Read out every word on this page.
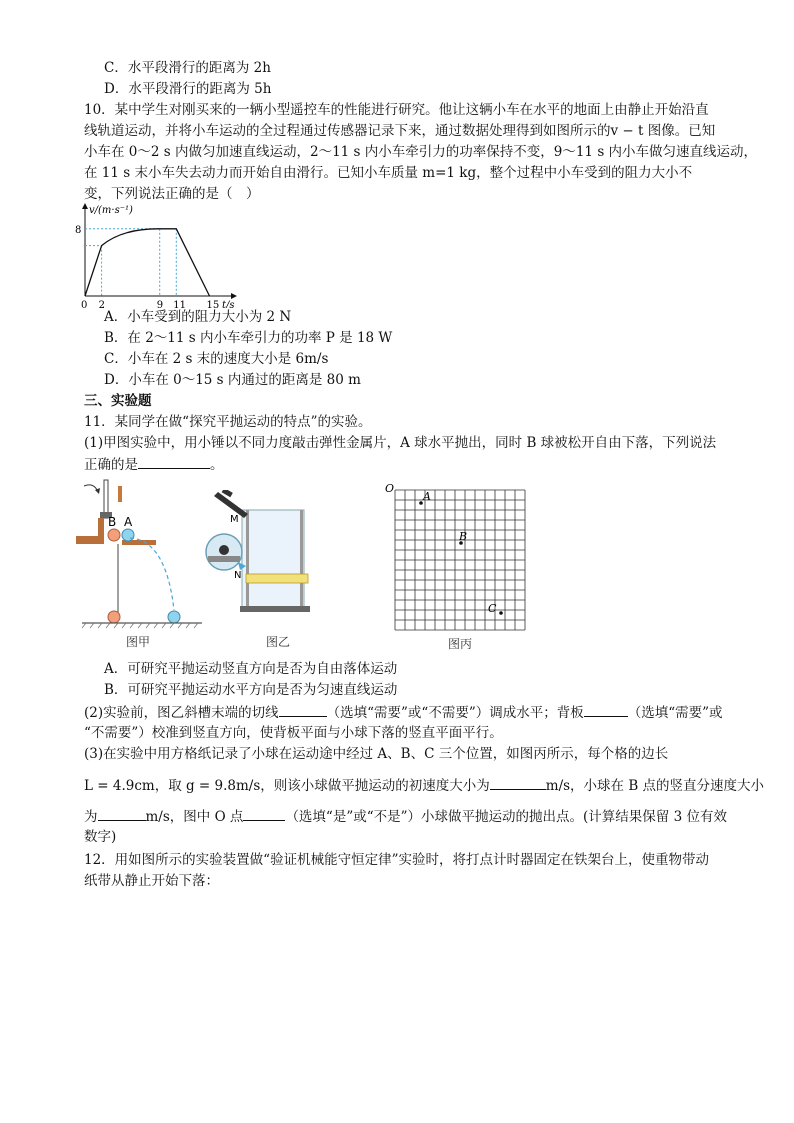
C．水平段滑行的距离为 2h
D．水平段滑行的距离为 5h
10．某中学生对刚买来的一辆小型遥控车的性能进行研究。他让这辆小车在水平的地面上由静止开始沿直
线轨道运动，并将小车运动的全过程通过传感器记录下来，通过数据处理得到如图所示的v − t 图像。已知
小车在 0～2 s 内做匀加速直线运动，2～11 s 内小车牵引力的功率保持不变，9～11 s 内小车做匀速直线运动，
在 11 s 末小车失去动力而开始自由滑行。已知小车质量 m=1 kg，整个过程中小车受到的阻力大小不
变，下列说法正确的是（　）
v/(m·s⁻¹)
t/s
0 2	9 11 15
8
A．小车受到的阻力大小为 2 N
B．在 2～11 s 内小车牵引力的功率 P 是 18 W
C．小车在 2 s 末的速度大小是 6m/s
D．小车在 0～15 s 内通过的距离是 80 m
三、实验题
11．某同学在做“探究平抛运动的特点”的实验。
(1)甲图实验中，用小锤以不同力度敲击弹性金属片，A 球水平抛出，同时 B 球被松开自由下落，下列说法
正确的是	。
B A
图甲
M
N
图乙
O
A
B
C
图丙
A．可研究平抛运动竖直方向是否为自由落体运动
B．可研究平抛运动水平方向是否为匀速直线运动
(2)实验前，图乙斜槽末端的切线	（选填“需要”或“不需要”）调成水平；背板	（选填“需要”或
“不需要”）校准到竖直方向，使背板平面与小球下落的竖直平面平行。
(3)在实验中用方格纸记录了小球在运动途中经过 A、B、C 三个位置，如图丙所示，每个格的边长
L = 4.9cm，取 g = 9.8m/s，则该小球做平抛运动的初速度大小为	m/s，小球在 B 点的竖直分速度大小
为	m/s，图中 O 点	（选填“是”或“不是”）小球做平抛运动的抛出点。(计算结果保留 3 位有效
数字)
12．用如图所示的实验装置做“验证机械能守恒定律”实验时，将打点计时器固定在铁架台上，使重物带动
纸带从静止开始下落：
